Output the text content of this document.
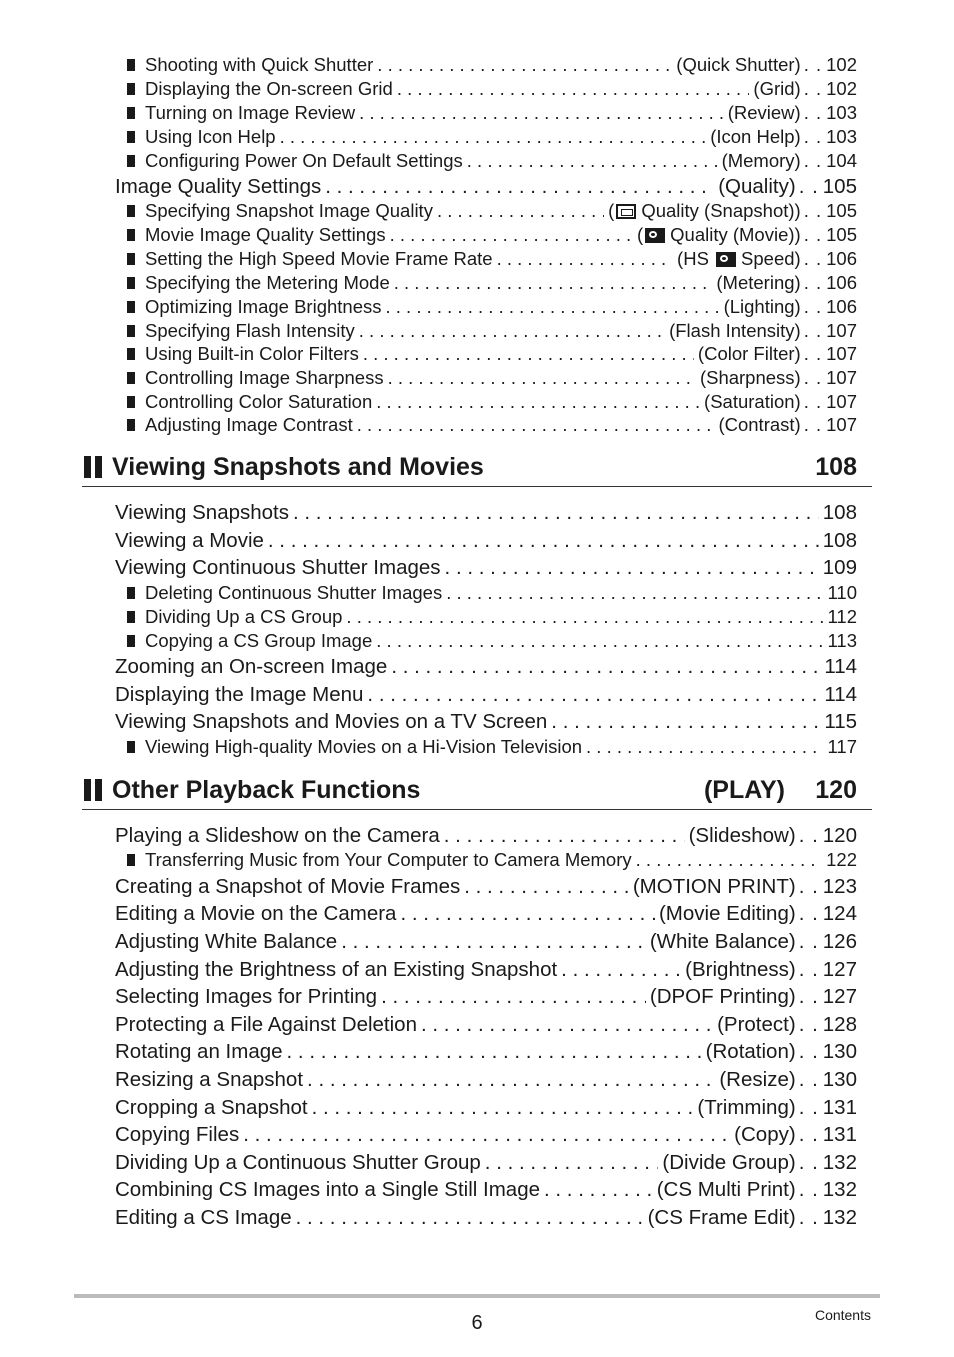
Shooting with Quick Shutter . . .	(Quick Shutter) . . 102
Displaying the On-screen Grid . . .	(Grid) . . 102
Turning on Image Review . . .	(Review) . . 103
Using Icon Help . . .	(Icon Help) . . 103
Configuring Power On Default Settings . . .	(Memory) . . 104
Image Quality Settings . . .	(Quality) . . 105
Specifying Snapshot Image Quality . . .	( Quality (Snapshot)) . . 105
Movie Image Quality Settings . . .	( Quality (Movie)) . . 105
Setting the High Speed Movie Frame Rate . . .	(HS Speed) . . 106
Specifying the Metering Mode . . .	(Metering) . . 106
Optimizing Image Brightness . . .	(Lighting) . . 106
Specifying Flash Intensity . . .	(Flash Intensity) . . 107
Using Built-in Color Filters . . .	(Color Filter) . . 107
Controlling Image Sharpness . . .	(Sharpness) . . 107
Controlling Color Saturation . . .	(Saturation) . . 107
Adjusting Image Contrast . . .	(Contrast) . . 107
Viewing Snapshots and Movies	108
Viewing Snapshots . . .	108
Viewing a Movie . . .	108
Viewing Continuous Shutter Images . . .	109
Deleting Continuous Shutter Images . . .	110
Dividing Up a CS Group . . .	112
Copying a CS Group Image . . .	113
Zooming an On-screen Image . . .	114
Displaying the Image Menu . . .	114
Viewing Snapshots and Movies on a TV Screen . . .	115
Viewing High-quality Movies on a Hi-Vision Television . . .	117
Other Playback Functions	(PLAY) 120
Playing a Slideshow on the Camera . . .	(Slideshow) . . 120
Transferring Music from Your Computer to Camera Memory . . .	122
Creating a Snapshot of Movie Frames . . .	(MOTION PRINT) . . 123
Editing a Movie on the Camera . . .	(Movie Editing) . . 124
Adjusting White Balance . . .	(White Balance) . . 126
Adjusting the Brightness of an Existing Snapshot . . .	(Brightness) . . 127
Selecting Images for Printing . . .	(DPOF Printing) . . 127
Protecting a File Against Deletion . . .	(Protect) . . 128
Rotating an Image . . .	(Rotation) . . 130
Resizing a Snapshot . . .	(Resize) . . 130
Cropping a Snapshot . . .	(Trimming) . . 131
Copying Files . . .	(Copy) . . 131
Dividing Up a Continuous Shutter Group . . .	(Divide Group) . . 132
Combining CS Images into a Single Still Image . . .	(CS Multi Print) . . 132
Editing a CS Image . . .	(CS Frame Edit) . . 132
6	Contents
